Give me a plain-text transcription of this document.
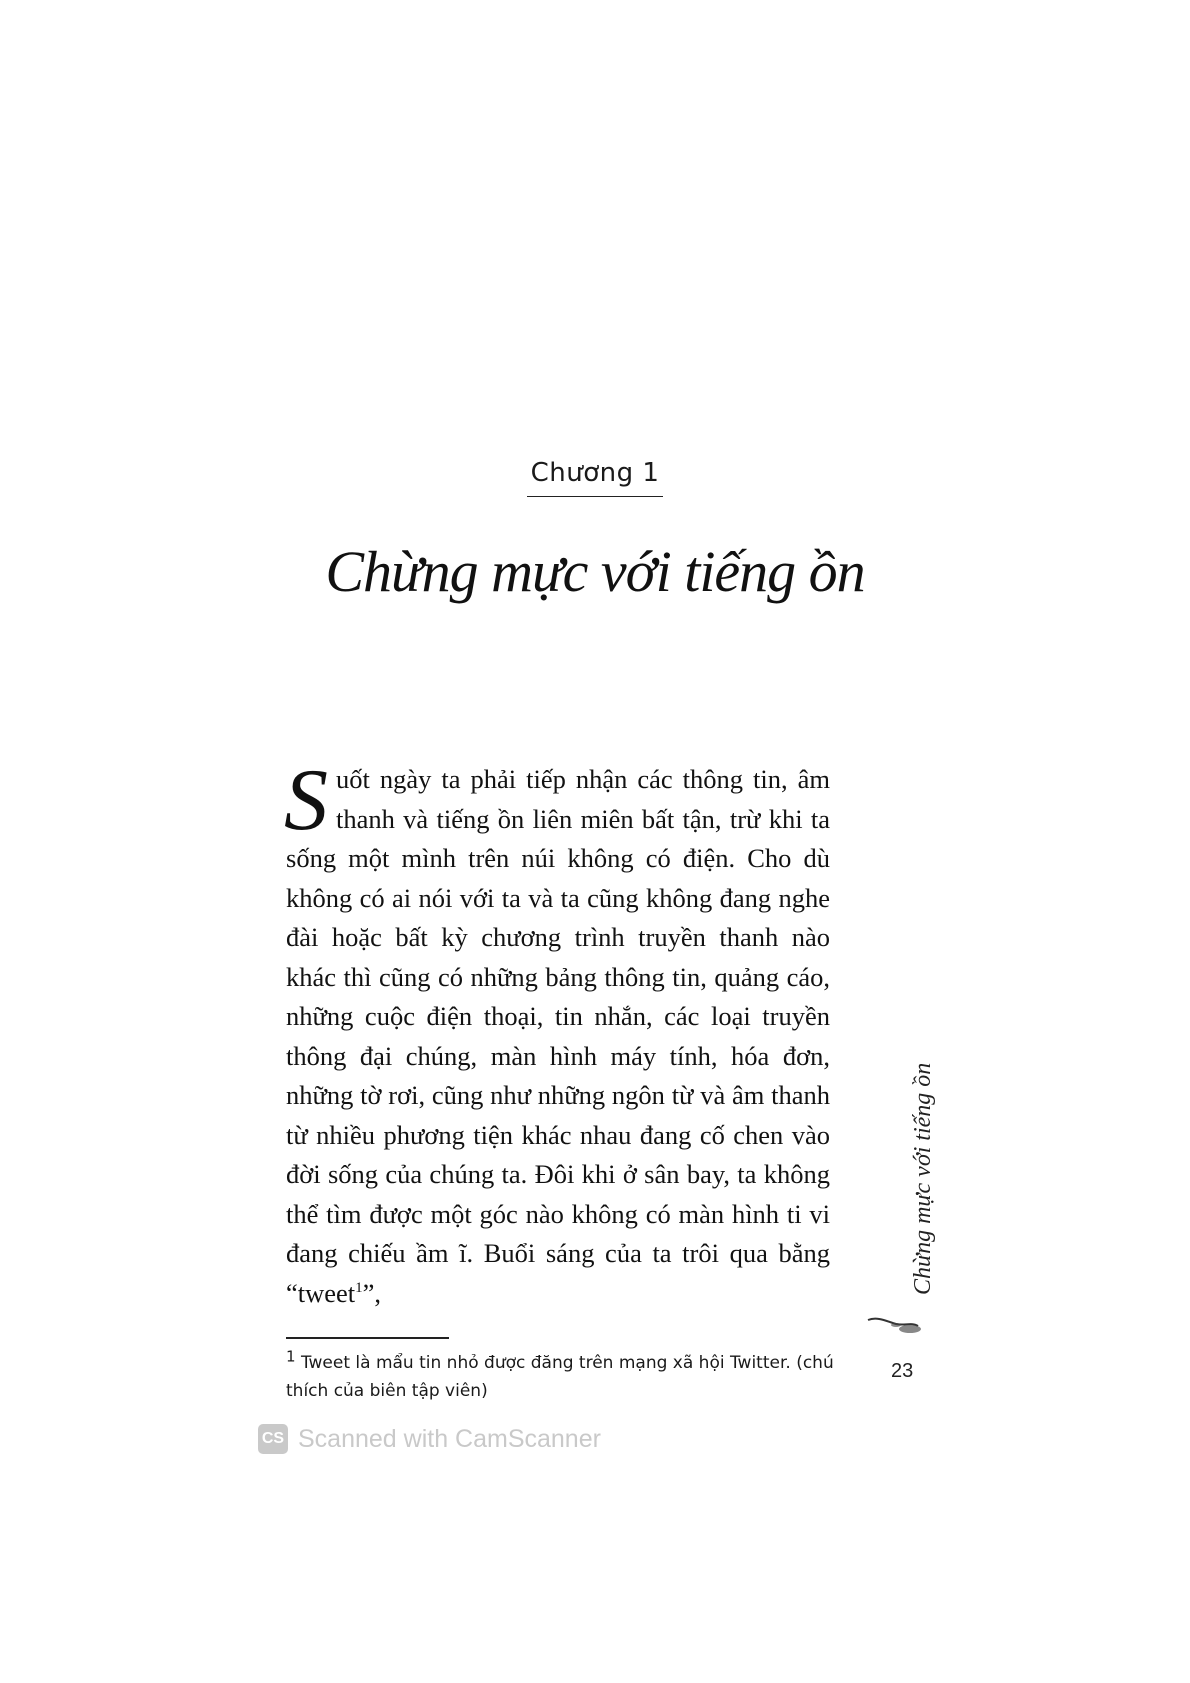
Chương 1
Chừng mực với tiếng ồn
Suốt ngày ta phải tiếp nhận các thông tin, âm thanh và tiếng ồn liên miên bất tận, trừ khi ta sống một mình trên núi không có điện. Cho dù không có ai nói với ta và ta cũng không đang nghe đài hoặc bất kỳ chương trình truyền thanh nào khác thì cũng có những bảng thông tin, quảng cáo, những cuộc điện thoại, tin nhắn, các loại truyền thông đại chúng, màn hình máy tính, hóa đơn, những tờ rơi, cũng như những ngôn từ và âm thanh từ nhiều phương tiện khác nhau đang cố chen vào đời sống của chúng ta. Đôi khi ở sân bay, ta không thể tìm được một góc nào không có màn hình ti vi đang chiếu ầm ĩ. Buổi sáng của ta trôi qua bằng “tweet$^1$”,
$^1$ Tweet là mẩu tin nhỏ được đăng trên mạng xã hội Twitter. (chú thích của biên tập viên)
Chừng mực với tiếng ồn
23
CS Scanned with CamScanner
